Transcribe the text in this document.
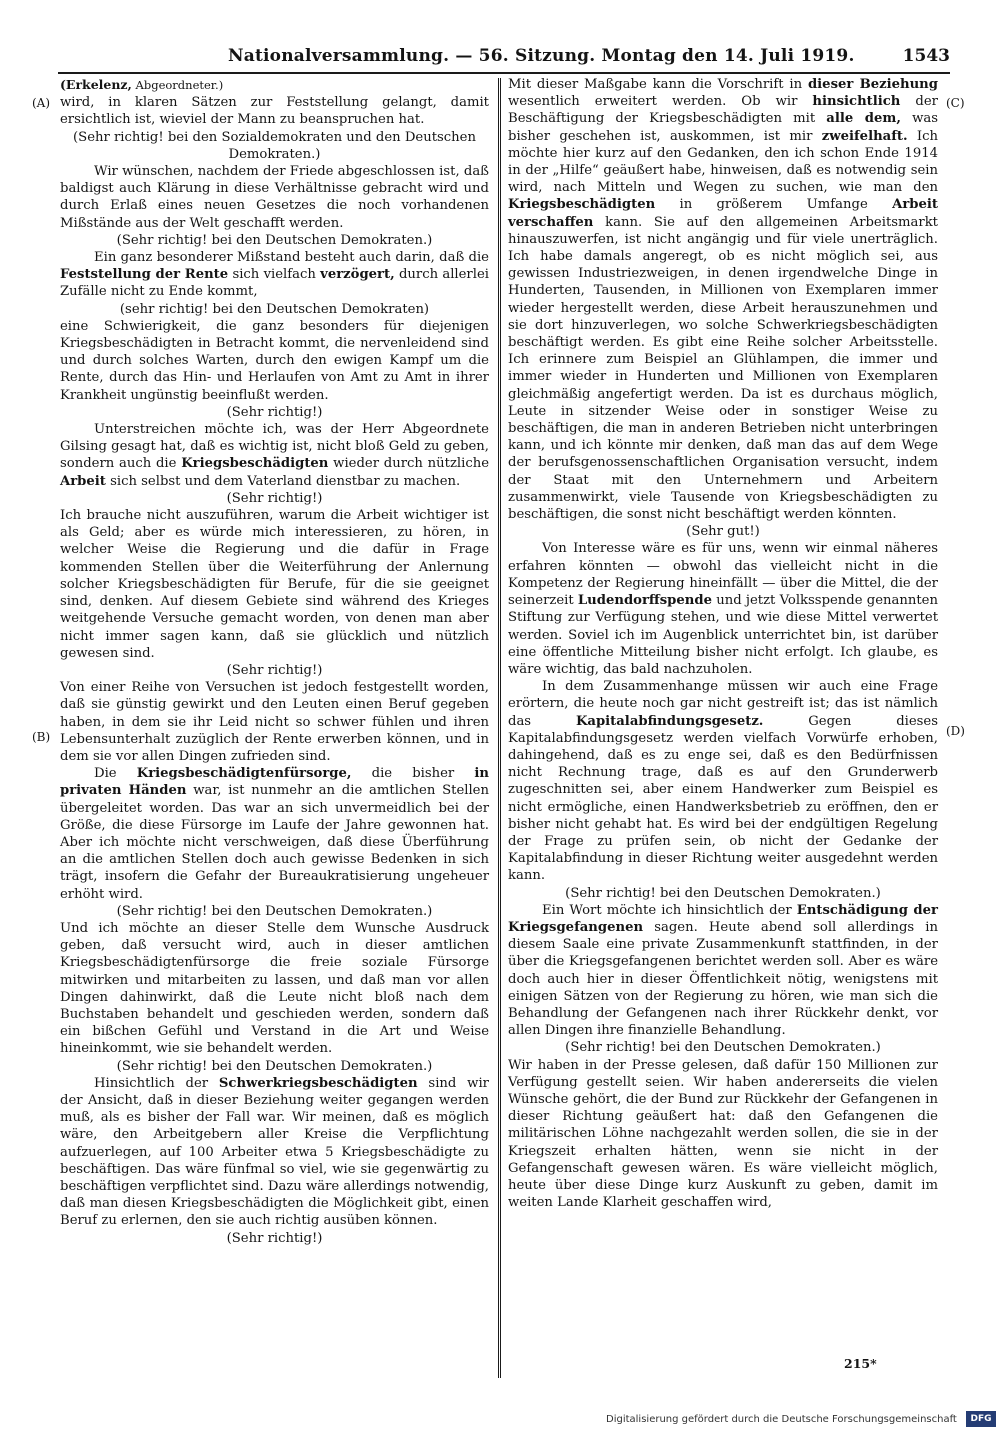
Nationalversammlung. — 56. Sitzung. Montag den 14. Juli 1919.	1543
(A)
(B)
(C)
(D)

(Erkelenz, Abgeordneter.)

wird, in klaren Sätzen zur Feststellung gelangt, damit ersichtlich ist, wieviel der Mann zu beanspruchen hat.

(Sehr richtig! bei den Sozialdemokraten und den Deutschen Demokraten.)

Wir wünschen, nachdem der Friede abgeschlossen ist, daß baldigst auch Klärung in diese Verhältnisse gebracht wird und durch Erlaß eines neuen Gesetzes die noch vorhandenen Mißstände aus der Welt geschafft werden.

(Sehr richtig! bei den Deutschen Demokraten.)

Ein ganz besonderer Mißstand besteht auch darin, daß die Feststellung der Rente sich vielfach verzögert, durch allerlei Zufälle nicht zu Ende kommt,

(sehr richtig! bei den Deutschen Demokraten)

eine Schwierigkeit, die ganz besonders für diejenigen Kriegsbeschädigten in Betracht kommt, die nervenleidend sind und durch solches Warten, durch den ewigen Kampf um die Rente, durch das Hin- und Herlaufen von Amt zu Amt in ihrer Krankheit ungünstig beeinflußt werden.

(Sehr richtig!)

Unterstreichen möchte ich, was der Herr Abgeordnete Gilsing gesagt hat, daß es wichtig ist, nicht bloß Geld zu geben, sondern auch die Kriegsbeschädigten wieder durch nützliche Arbeit sich selbst und dem Vaterland dienstbar zu machen.

(Sehr richtig!)

Ich brauche nicht auszuführen, warum die Arbeit wichtiger ist als Geld; aber es würde mich interessieren, zu hören, in welcher Weise die Regierung und die dafür in Frage kommenden Stellen über die Weiterführung der Anlernung solcher Kriegsbeschädigten für Berufe, für die sie geeignet sind, denken. Auf diesem Gebiete sind während des Krieges weitgehende Versuche gemacht worden, von denen man aber nicht immer sagen kann, daß sie glücklich und nützlich gewesen sind.

(Sehr richtig!)

Von einer Reihe von Versuchen ist jedoch festgestellt worden, daß sie günstig gewirkt und den Leuten einen Beruf gegeben haben, in dem sie ihr Leid nicht so schwer fühlen und ihren Lebensunterhalt zuzüglich der Rente erwerben können, und in dem sie vor allen Dingen zufrieden sind.

Die Kriegsbeschädigtenfürsorge, die bisher in privaten Händen war, ist nunmehr an die amtlichen Stellen übergeleitet worden. Das war an sich unvermeidlich bei der Größe, die diese Fürsorge im Laufe der Jahre gewonnen hat. Aber ich möchte nicht verschweigen, daß diese Überführung an die amtlichen Stellen doch auch gewisse Bedenken in sich trägt, insofern die Gefahr der Bureaukratisierung ungeheuer erhöht wird.

(Sehr richtig! bei den Deutschen Demokraten.)

Und ich möchte an dieser Stelle dem Wunsche Ausdruck geben, daß versucht wird, auch in dieser amtlichen Kriegsbeschädigtenfürsorge die freie soziale Fürsorge mitwirken und mitarbeiten zu lassen, und daß man vor allen Dingen dahinwirkt, daß die Leute nicht bloß nach dem Buchstaben behandelt und geschieden werden, sondern daß ein bißchen Gefühl und Verstand in die Art und Weise hineinkommt, wie sie behandelt werden.

(Sehr richtig! bei den Deutschen Demokraten.)

Hinsichtlich der Schwerkriegsbeschädigten sind wir der Ansicht, daß in dieser Beziehung weiter gegangen werden muß, als es bisher der Fall war. Wir meinen, daß es möglich wäre, den Arbeitgebern aller Kreise die Verpflichtung aufzuerlegen, auf 100 Arbeiter etwa 5 Kriegsbeschädigte zu beschäftigen. Das wäre fünfmal so viel, wie sie gegenwärtig zu beschäftigen verpflichtet sind. Dazu wäre allerdings notwendig, daß man diesen Kriegsbeschädigten die Möglichkeit gibt, einen Beruf zu erlernen, den sie auch richtig ausüben können.

(Sehr richtig!)

Mit dieser Maßgabe kann die Vorschrift in dieser Beziehung wesentlich erweitert werden. Ob wir hinsichtlich der Beschäftigung der Kriegsbeschädigten mit alle dem, was bisher geschehen ist, auskommen, ist mir zweifelhaft. Ich möchte hier kurz auf den Gedanken, den ich schon Ende 1914 in der „Hilfe“ geäußert habe, hinweisen, daß es notwendig sein wird, nach Mitteln und Wegen zu suchen, wie man den Kriegsbeschädigten in größerem Umfange Arbeit verschaffen kann. Sie auf den allgemeinen Arbeitsmarkt hinauszuwerfen, ist nicht angängig und für viele unerträglich. Ich habe damals angeregt, ob es nicht möglich sei, aus gewissen Industriezweigen, in denen irgendwelche Dinge in Hunderten, Tausenden, in Millionen von Exemplaren immer wieder hergestellt werden, diese Arbeit herauszunehmen und sie dort hinzuverlegen, wo solche Schwerkriegsbeschädigten beschäftigt werden. Es gibt eine Reihe solcher Arbeitsstelle. Ich erinnere zum Beispiel an Glühlampen, die immer und immer wieder in Hunderten und Millionen von Exemplaren gleichmäßig angefertigt werden. Da ist es durchaus möglich, Leute in sitzender Weise oder in sonstiger Weise zu beschäftigen, die man in anderen Betrieben nicht unterbringen kann, und ich könnte mir denken, daß man das auf dem Wege der berufsgenossenschaftlichen Organisation versucht, indem der Staat mit den Unternehmern und Arbeitern zusammenwirkt, viele Tausende von Kriegsbeschädigten zu beschäftigen, die sonst nicht beschäftigt werden könnten.

(Sehr gut!)

Von Interesse wäre es für uns, wenn wir einmal näheres erfahren könnten — obwohl das vielleicht nicht in die Kompetenz der Regierung hineinfällt — über die Mittel, die der seinerzeit Ludendorffspende und jetzt Volksspende genannten Stiftung zur Verfügung stehen, und wie diese Mittel verwertet werden. Soviel ich im Augenblick unterrichtet bin, ist darüber eine öffentliche Mitteilung bisher nicht erfolgt. Ich glaube, es wäre wichtig, das bald nachzuholen.

In dem Zusammenhange müssen wir auch eine Frage erörtern, die heute noch gar nicht gestreift ist; das ist nämlich das	Kapitalabfindungsgesetz.	Gegen dieses Kapitalabfindungsgesetz werden vielfach Vorwürfe erhoben, dahingehend, daß es zu enge sei, daß es den Bedürfnissen nicht Rechnung trage, daß es auf den Grunderwerb zugeschnitten sei, aber einem Handwerker zum Beispiel es nicht ermögliche, einen Handwerksbetrieb zu eröffnen, den er bisher nicht gehabt hat. Es wird bei der endgültigen Regelung der Frage zu prüfen sein, ob nicht der Gedanke der Kapitalabfindung in dieser Richtung weiter ausgedehnt werden kann.

(Sehr richtig! bei den Deutschen Demokraten.)

Ein Wort möchte ich hinsichtlich der Entschädigung der Kriegsgefangenen sagen. Heute abend soll allerdings in diesem Saale eine private Zusammenkunft stattfinden, in der über die Kriegsgefangenen berichtet werden soll. Aber es wäre doch auch hier in dieser Öffentlichkeit nötig, wenigstens mit einigen Sätzen von der Regierung zu hören, wie man sich die Behandlung der Gefangenen nach ihrer Rückkehr denkt, vor allen Dingen ihre finanzielle Behandlung.

(Sehr richtig! bei den Deutschen Demokraten.)

Wir haben in der Presse gelesen, daß dafür 150 Millionen zur Verfügung gestellt seien. Wir haben andererseits die vielen Wünsche gehört, die der Bund zur Rückkehr der Gefangenen in dieser Richtung geäußert hat: daß den Gefangenen die militärischen Löhne nachgezahlt werden sollen, die sie in der Kriegszeit erhalten hätten, wenn sie nicht in der Gefangenschaft gewesen wären. Es wäre vielleicht möglich, heute über diese Dinge kurz Auskunft zu geben, damit im weiten Lande Klarheit geschaffen wird,

215*
Digitalisierung gefördert durch die Deutsche Forschungsgemeinschaft	DFG
